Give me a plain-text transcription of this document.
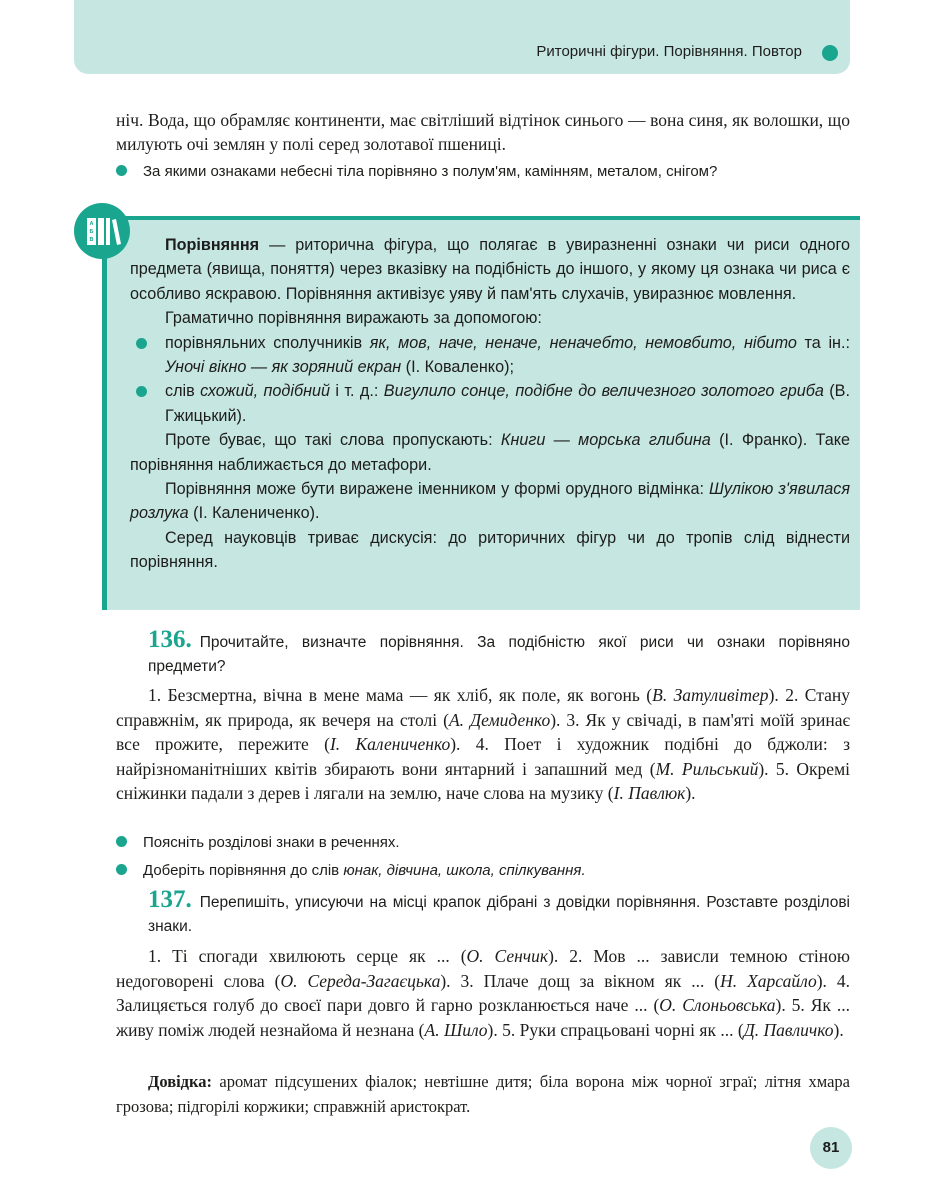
Риторичні фігури. Порівняння. Повтор
ніч. Вода, що обрамляє континенти, має світліший відтінок синього — вона синя, як волошки, що милують очі землян у полі серед золотавої пшениці.
За якими ознаками небесні тіла порівняно з полум'ям, камінням, металом, снігом?
А
Б
В	Порівняння — риторична фігура, що полягає в увиразненні ознаки чи риси одного предмета (явища, поняття) через вказівку на подібність до іншого, у якому ця ознака чи риса є особливо яскравою. Порівняння активізує уяву й пам'ять слухачів, увиразнює мовлення.

Граматично порівняння виражають за допомогою:

порівняльних сполучників як, мов, наче, неначе, неначебто, немовбито, нібито та ін.: Уночі вікно — як зоряний екран (І. Коваленко);

слів схожий, подібний і т. д.: Вигулило сонце, подібне до величезного золотого гриба (В. Гжицький).

Проте буває, що такі слова пропускають: Книги — морська глибина (І. Франко). Таке порівняння наближається до метафори.

Порівняння може бути виражене іменником у формі орудного відмінка: Шулікою з'явилася розлука (І. Калениченко).

Серед науковців триває дискусія: до риторичних фігур чи до тропів слід віднести порівняння.

136. Прочитайте, визначте порівняння. За подібністю якої риси чи ознаки порівняно предмети?
1. Безсмертна, вічна в мене мама — як хліб, як поле, як вогонь (В. Затуливітер). 2. Стану справжнім, як природа, як вечеря на столі (А. Демиденко). 3. Як у свічаді, в пам'яті моїй зринає все прожите, пережите (І. Калениченко). 4. Поет і художник подібні до бджоли: з найрізноманітніших квітів збирають вони янтарний і запашний мед (М. Рильський). 5. Окремі сніжинки падали з дерев і лягали на землю, наче слова на музику (І. Павлюк).
Поясніть розділові знаки в реченнях.
Доберіть порівняння до слів юнак, дівчина, школа, спілкування.
137. Перепишіть, уписуючи на місці крапок дібрані з довідки порівняння. Розставте розділові знаки.
1. Ті спогади хвилюють серце як ... (О. Сенчик). 2. Мов ... зависли темною стіною недоговорені слова (О. Середа-Загаєцька). 3. Плаче дощ за вікном як ... (Н. Харсайло). 4. Залицяється голуб до своєї пари довго й гарно розкланюється наче ... (О. Слоньовська). 5. Як ... живу поміж людей незнайома й незнана (А. Шило). 5. Руки спрацьовані чорні як ... (Д. Павличко).
Довідка: аромат підсушених фіалок; невтішне дитя; біла ворона між чорної зграї; літня хмара грозова; підгорілі коржики; справжній аристократ.
81
